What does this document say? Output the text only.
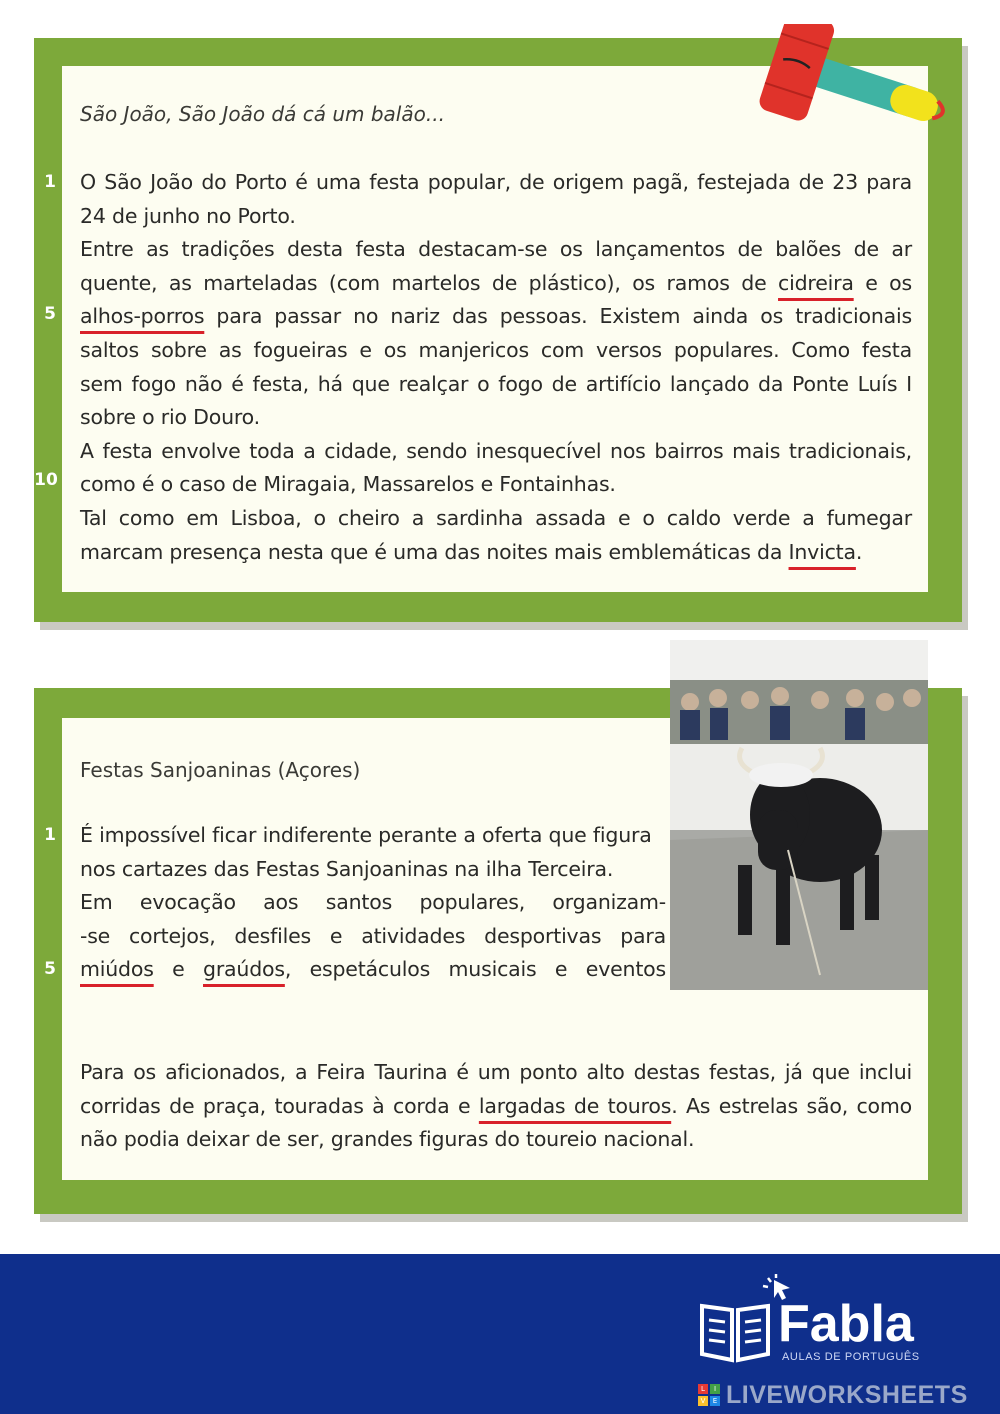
São João, São João dá cá um balão...
1
5
10
O São João do Porto é uma festa popular, de origem pagã, festejada de 23 para
24 de junho no Porto.
Entre as tradições desta festa destacam-se os lançamentos de balões de ar
quente, as marteladas (com martelos de plástico), os ramos de cidreira e os
alhos-porros para passar no nariz das pessoas. Existem ainda os tradicionais
saltos sobre as fogueiras e os manjericos com versos populares. Como festa
sem fogo não é festa, há que realçar o fogo de artifício lançado da Ponte Luís I
sobre o rio Douro.
A festa envolve toda a cidade, sendo inesquecível nos bairros mais tradicionais,
como é o caso de Miragaia, Massarelos e Fontainhas.
Tal como em Lisboa, o cheiro a sardinha assada e o caldo verde a fumegar
marcam presença nesta que é uma das noites mais emblemáticas da Invicta.
Festas Sanjoaninas (Açores)
1
5
É impossível ficar indiferente perante a oferta que figura
nos cartazes das Festas Sanjoaninas na ilha Terceira.
Em evocação aos santos populares, organizam-
-se cortejos, desfiles e atividades desportivas para
miúdos e graúdos, espetáculos musicais e eventos
Para os aficionados, a Feira Taurina é um ponto alto destas festas, já que inclui
corridas de praça, touradas à corda e largadas de touros. As estrelas são, como
não podia deixar de ser, grandes figuras do toureio nacional.
Fabla
AULAS DE PORTUGUÊS
L	I
V	E LIVEWORKSHEETS
